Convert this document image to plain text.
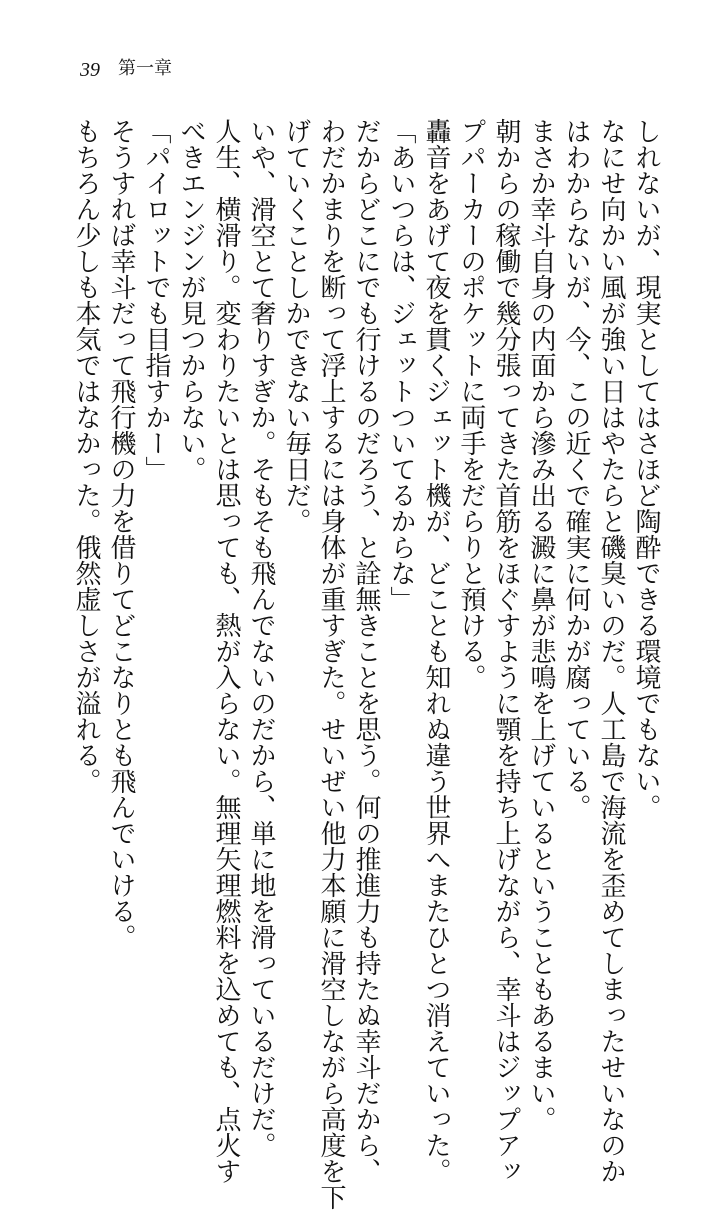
39 第一章
しれないが、現実としてはさほど陶酔できる環境でもない。
なにせ向かい風が強い日はやたらと磯臭いのだ。人工島で海流を歪めてしまったせいなのか
はわからないが、今、この近くで確実に何かが腐っている。
まさか幸斗自身の内面から滲み出る澱に鼻が悲鳴を上げているということもあるまい。
朝からの稼働で幾分張ってきた首筋をほぐすように顎を持ち上げながら、幸斗はジップアッ
プパーカーのポケットに両手をだらりと預ける。
轟音をあげて夜を貫くジェット機が、どことも知れぬ違う世界へまたひとつ消えていった。
「あいつらは、ジェットついてるからな」
だからどこにでも行けるのだろう、と詮無きことを思う。何の推進力も持たぬ幸斗だから、
わだかまりを断って浮上するには身体が重すぎた。せいぜい他力本願に滑空しながら高度を下
げていくことしかできない毎日だ。
いや、滑空とて奢りすぎか。そもそも飛んでないのだから、単に地を滑っているだけだ。
人生、横滑り。変わりたいとは思っても、熱が入らない。無理矢理燃料を込めても、点火す
べきエンジンが見つからない。
「パイロットでも目指すかー」
そうすれば幸斗だって飛行機の力を借りてどこなりとも飛んでいける。
もちろん少しも本気ではなかった。俄然虚しさが溢れる。
